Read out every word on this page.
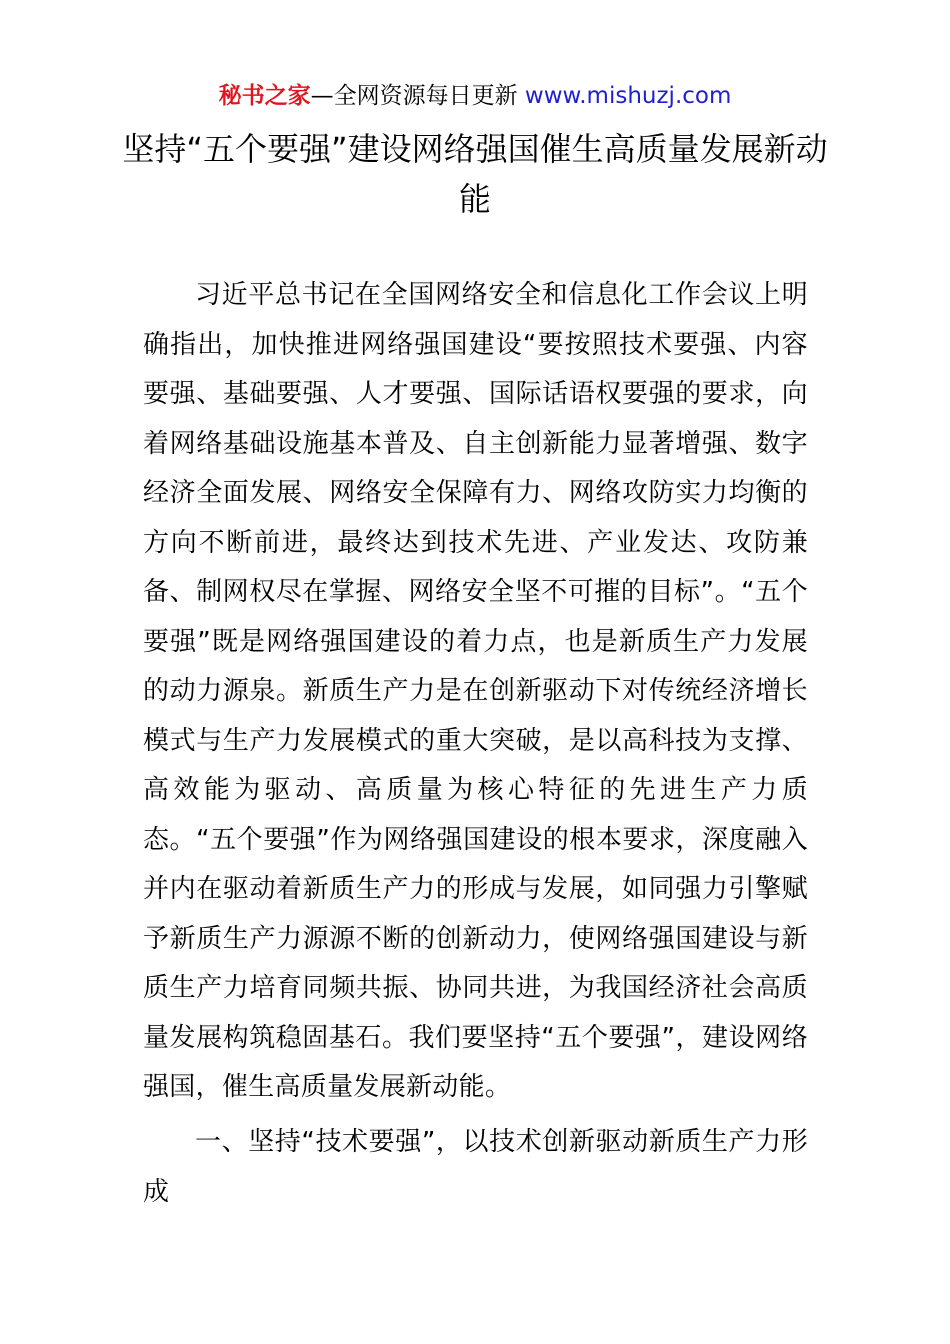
秘书之家—全网资源每日更新 www.mishuzj.com
坚持“五个要强”建设网络强国催生高质量发展新动能

习近平总书记在全国网络安全和信息化工作会议上明确指出，加快推进网络强国建设“要按照技术要强、内容要强、基础要强、人才要强、国际话语权要强的要求，向着网络基础设施基本普及、自主创新能力显著增强、数字经济全面发展、网络安全保障有力、网络攻防实力均衡的方向不断前进，最终达到技术先进、产业发达、攻防兼备、制网权尽在掌握、网络安全坚不可摧的目标”。“五个要强”既是网络强国建设的着力点，也是新质生产力发展的动力源泉。新质生产力是在创新驱动下对传统经济增长模式与生产力发展模式的重大突破，是以高科技为支撑、高效能为驱动、高质量为核心特征的先进生产力质态。“五个要强”作为网络强国建设的根本要求，深度融入并内在驱动着新质生产力的形成与发展，如同强力引擎赋予新质生产力源源不断的创新动力，使网络强国建设与新质生产力培育同频共振、协同共进，为我国经济社会高质量发展构筑稳固基石。我们要坚持“五个要强”，建设网络强国，催生高质量发展新动能。

一、坚持“技术要强”，以技术创新驱动新质生产力形成
